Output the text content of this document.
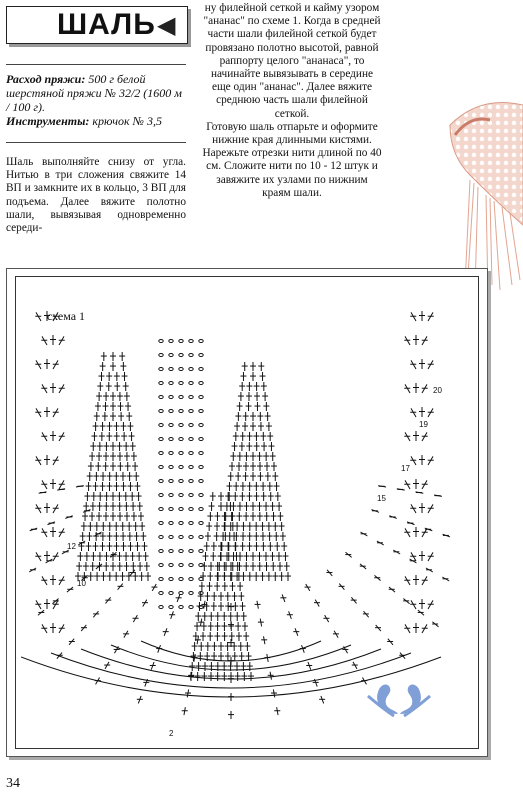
ШАЛЬ ◀
Расход пряжи: 500 г белой шерстяной пряжи № 32/2 (1600 м / 100 г).
Инструменты: крючок № 3,5
Шаль выполняйте снизу от угла. Нитью в три сложения свяжите 14 ВП и замкните их в кольцо, 3 ВП для подъема. Далее вяжите полотно шали, вывязывая одновременно середи-
ну филейной сеткой и кайму узором "ананас" по схеме 1. Когда в средней части шали филейной сеткой будет провязано полотно высотой, равной раппорту целого "ананаса", то начинайте вывязывать в середине еще один "ананас". Далее вяжите среднюю часть шали филейной сеткой.
Готовую шаль отпарьте и оформите нижние края длинными кистями. Нарежьте отрезки нити длиной по 40 см. Сложите нити по 10 - 12 штук и завяжите их узлами по нижним краям шали.
схема 1
2
10
12
15
17
19
20
34
